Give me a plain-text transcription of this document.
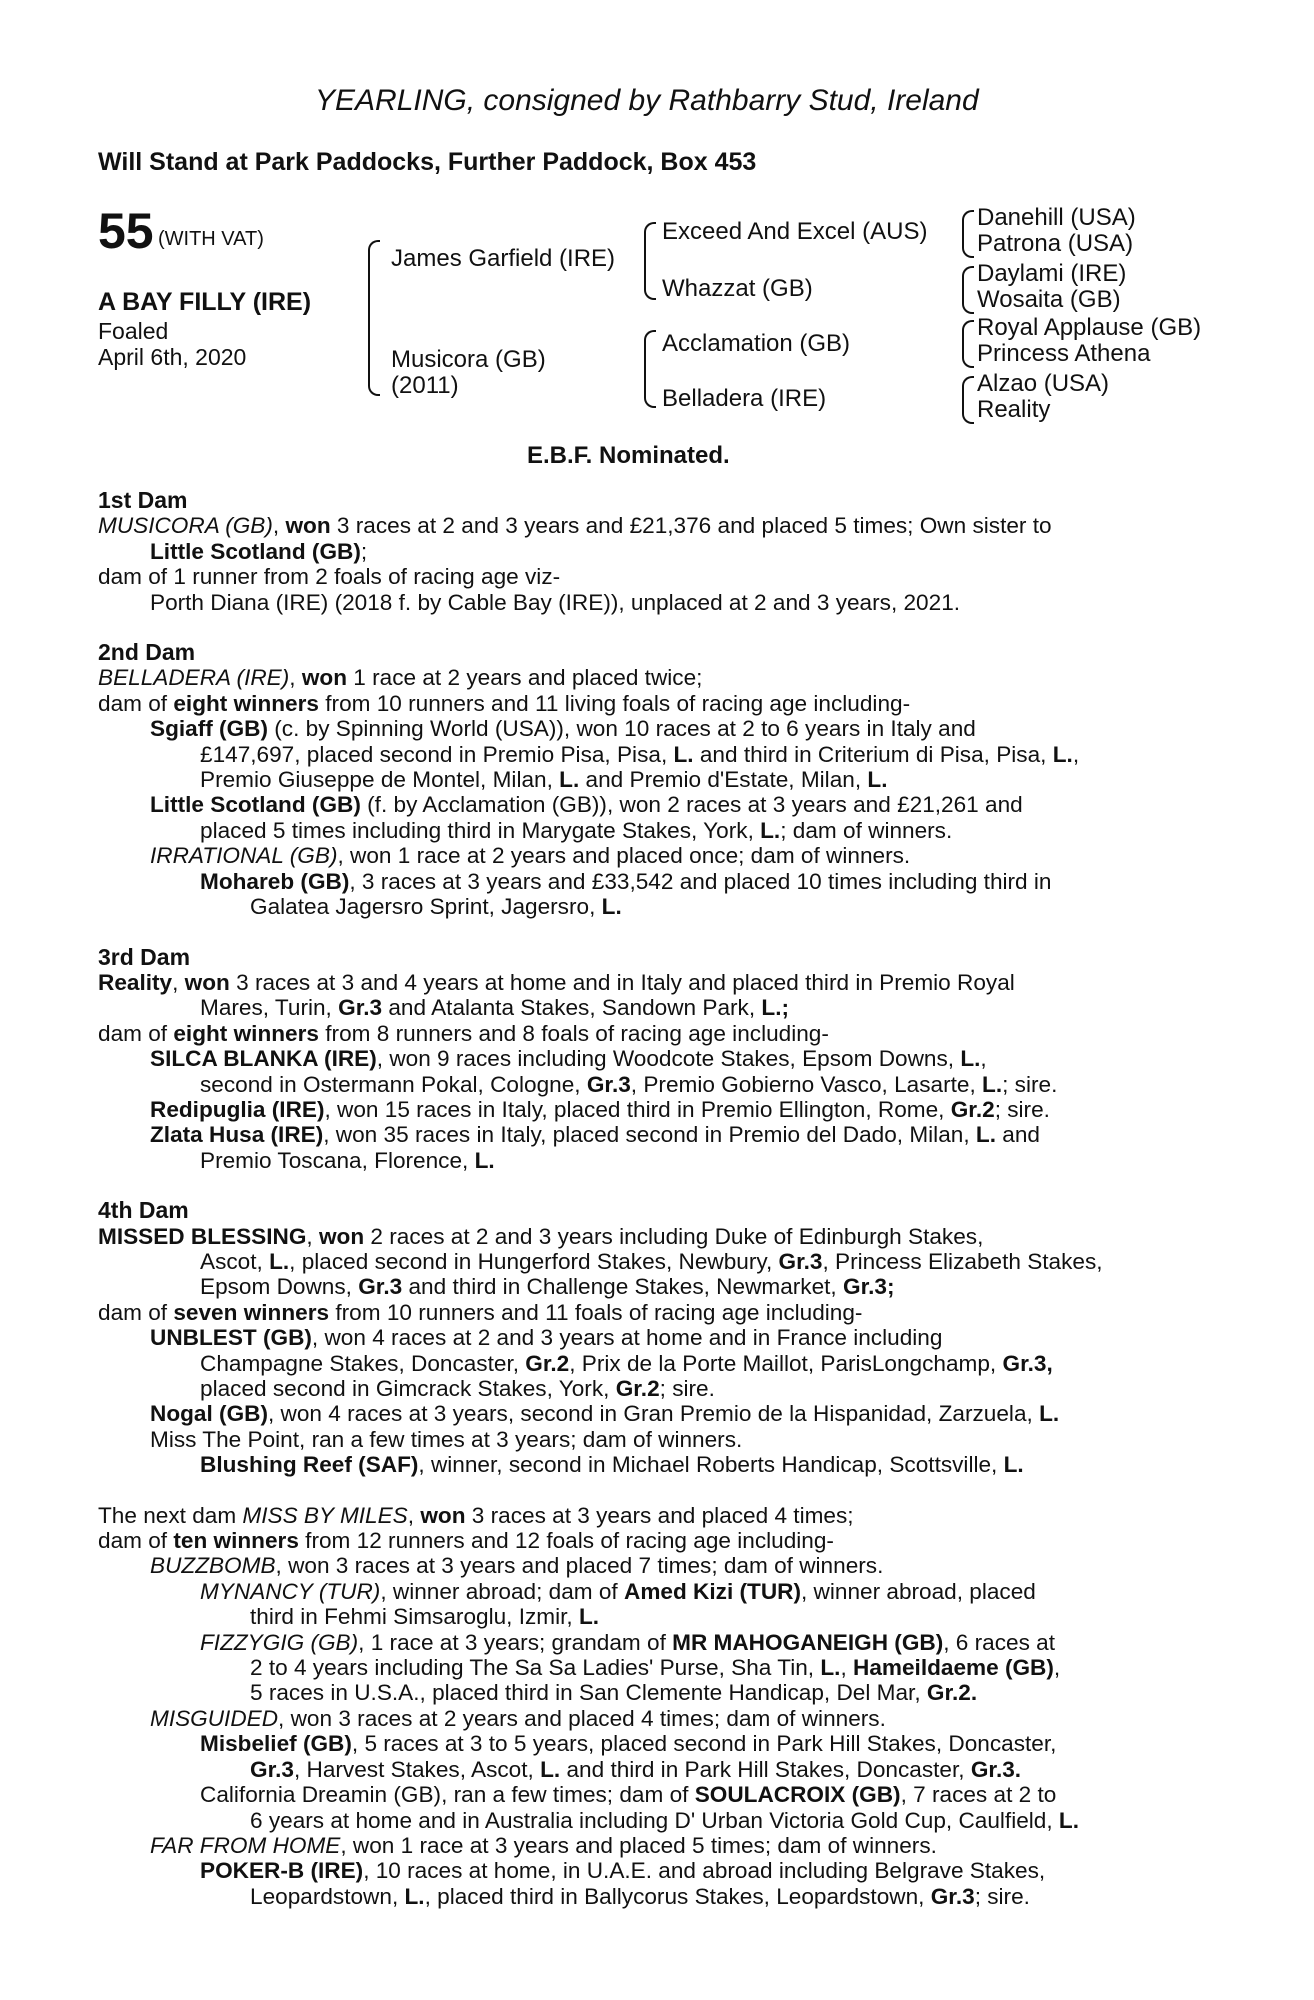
YEARLING, consigned by Rathbarry Stud, Ireland
Will Stand at Park Paddocks, Further Paddock, Box 453
55 (WITH VAT)
A BAY FILLY (IRE)
Foaled
April 6th, 2020
James Garfield (IRE)
Musicora (GB)
(2011)
Exceed And Excel (AUS)
Whazzat (GB)
Acclamation (GB)
Belladera (IRE)
Danehill (USA)
Patrona (USA)
Daylami (IRE)
Wosaita (GB)
Royal Applause (GB)
Princess Athena
Alzao (USA)
Reality
E.B.F. Nominated.

1st Dam

MUSICORA (GB), won 3 races at 2 and 3 years and £21,376 and placed 5 times; Own sister to

Little Scotland (GB);

dam of 1 runner from 2 foals of racing age viz-

Porth Diana (IRE) (2018 f. by Cable Bay (IRE)), unplaced at 2 and 3 years, 2021.

2nd Dam

BELLADERA (IRE), won 1 race at 2 years and placed twice;

dam of eight winners from 10 runners and 11 living foals of racing age including-

Sgiaff (GB) (c. by Spinning World (USA)), won 10 races at 2 to 6 years in Italy and

£147,697, placed second in Premio Pisa, Pisa, L. and third in Criterium di Pisa, Pisa, L.,

Premio Giuseppe de Montel, Milan, L. and Premio d'Estate, Milan, L.

Little Scotland (GB) (f. by Acclamation (GB)), won 2 races at 3 years and £21,261 and

placed 5 times including third in Marygate Stakes, York, L.; dam of winners.

IRRATIONAL (GB), won 1 race at 2 years and placed once; dam of winners.

Mohareb (GB), 3 races at 3 years and £33,542 and placed 10 times including third in

Galatea Jagersro Sprint, Jagersro, L.

3rd Dam

Reality, won 3 races at 3 and 4 years at home and in Italy and placed third in Premio Royal

Mares, Turin, Gr.3 and Atalanta Stakes, Sandown Park, L.;

dam of eight winners from 8 runners and 8 foals of racing age including-

SILCA BLANKA (IRE), won 9 races including Woodcote Stakes, Epsom Downs, L.,

second in Ostermann Pokal, Cologne, Gr.3, Premio Gobierno Vasco, Lasarte, L.; sire.

Redipuglia (IRE), won 15 races in Italy, placed third in Premio Ellington, Rome, Gr.2; sire.

Zlata Husa (IRE), won 35 races in Italy, placed second in Premio del Dado, Milan, L. and

Premio Toscana, Florence, L.

4th Dam

MISSED BLESSING, won 2 races at 2 and 3 years including Duke of Edinburgh Stakes,

Ascot, L., placed second in Hungerford Stakes, Newbury, Gr.3, Princess Elizabeth Stakes,

Epsom Downs, Gr.3 and third in Challenge Stakes, Newmarket, Gr.3;

dam of seven winners from 10 runners and 11 foals of racing age including-

UNBLEST (GB), won 4 races at 2 and 3 years at home and in France including

Champagne Stakes, Doncaster, Gr.2, Prix de la Porte Maillot, ParisLongchamp, Gr.3,

placed second in Gimcrack Stakes, York, Gr.2; sire.

Nogal (GB), won 4 races at 3 years, second in Gran Premio de la Hispanidad, Zarzuela, L.

Miss The Point, ran a few times at 3 years; dam of winners.

Blushing Reef (SAF), winner, second in Michael Roberts Handicap, Scottsville, L.

The next dam MISS BY MILES, won 3 races at 3 years and placed 4 times;

dam of ten winners from 12 runners and 12 foals of racing age including-

BUZZBOMB, won 3 races at 3 years and placed 7 times; dam of winners.

MYNANCY (TUR), winner abroad; dam of Amed Kizi (TUR), winner abroad, placed

third in Fehmi Simsaroglu, Izmir, L.

FIZZYGIG (GB), 1 race at 3 years; grandam of MR MAHOGANEIGH (GB), 6 races at

2 to 4 years including The Sa Sa Ladies' Purse, Sha Tin, L., Hameildaeme (GB),

5 races in U.S.A., placed third in San Clemente Handicap, Del Mar, Gr.2.

MISGUIDED, won 3 races at 2 years and placed 4 times; dam of winners.

Misbelief (GB), 5 races at 3 to 5 years, placed second in Park Hill Stakes, Doncaster,

Gr.3, Harvest Stakes, Ascot, L. and third in Park Hill Stakes, Doncaster, Gr.3.

California Dreamin (GB), ran a few times; dam of SOULACROIX (GB), 7 races at 2 to

6 years at home and in Australia including D' Urban Victoria Gold Cup, Caulfield, L.

FAR FROM HOME, won 1 race at 3 years and placed 5 times; dam of winners.

POKER-B (IRE), 10 races at home, in U.A.E. and abroad including Belgrave Stakes,

Leopardstown, L., placed third in Ballycorus Stakes, Leopardstown, Gr.3; sire.
